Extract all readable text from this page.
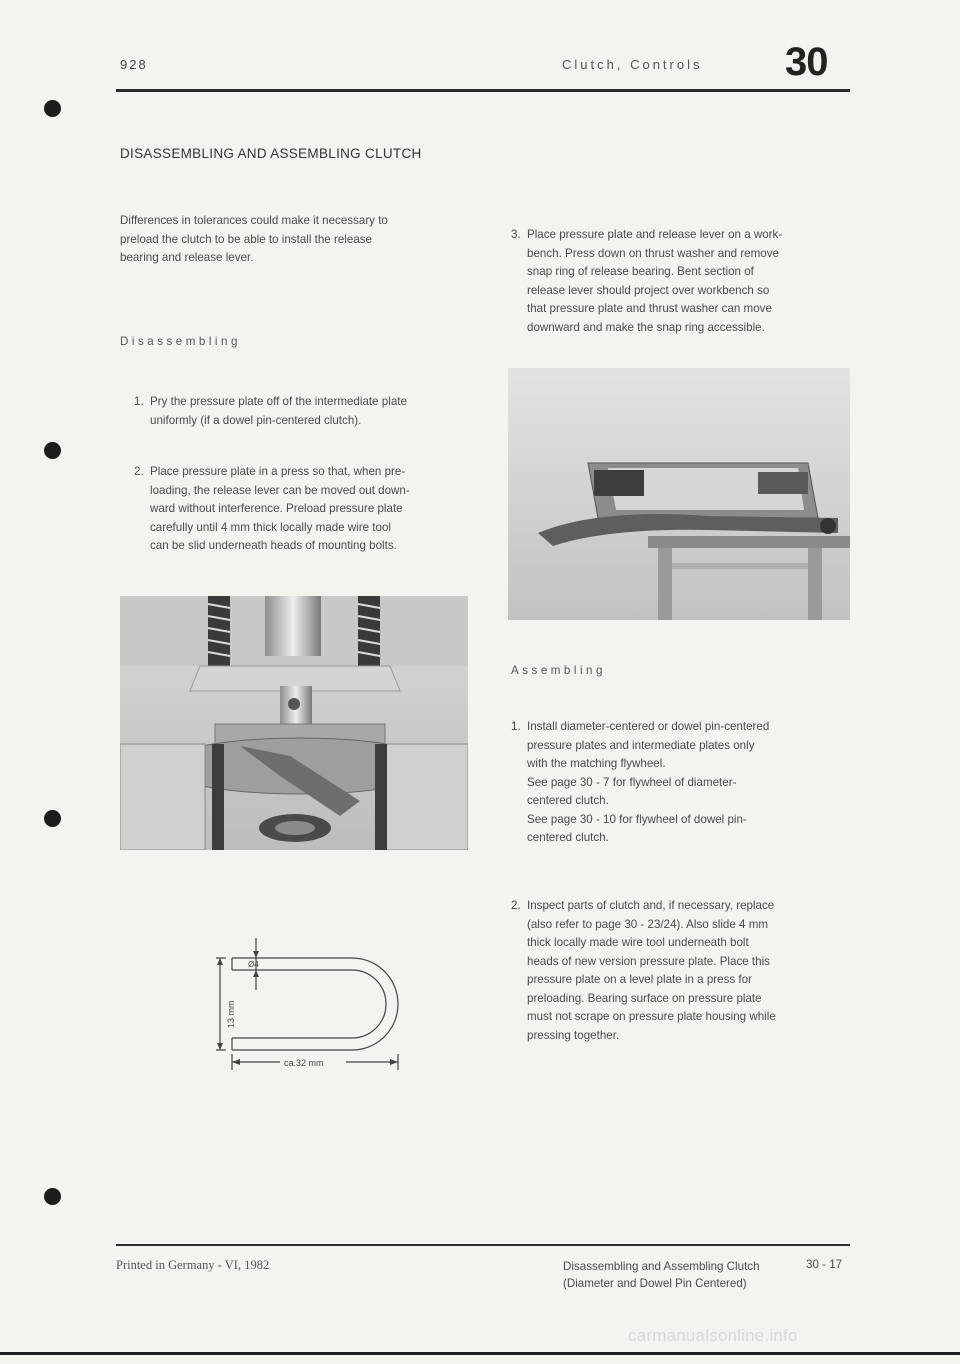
928	Clutch, Controls 30
DISASSEMBLING AND ASSEMBLING CLUTCH
Differences in tolerances could make it necessary to
preload the clutch to be able to install the release
bearing and release lever.
Disassembling
1. Pry the pressure plate off of the intermediate plate
uniformly (if a dowel pin-centered clutch).
2. Place pressure plate in a press so that, when pre-
loading, the release lever can be moved out down-
ward without interference. Preload pressure plate
carefully until 4 mm thick locally made wire tool
can be slid underneath heads of mounting bolts.
Ø4
13 mm
ca.32 mm
3. Place pressure plate and release lever on a work-
bench. Press down on thrust washer and remove
snap ring of release bearing. Bent section of
release lever should project over workbench so
that pressure plate and thrust washer can move
downward and make the snap ring accessible.
Assembling
1. Install diameter-centered or dowel pin-centered
pressure plates and intermediate plates only
with the matching flywheel.
See page 30 - 7 for flywheel of diameter-
centered clutch.
See page 30 - 10 for flywheel of dowel pin-
centered clutch.
2. Inspect parts of clutch and, if necessary, replace
(also refer to page 30 - 23/24). Also slide 4 mm
thick locally made wire tool underneath bolt
heads of new version pressure plate. Place this
pressure plate on a level plate in a press for
preloading. Bearing surface on pressure plate
must not scrape on pressure plate housing while
pressing together.
Printed in Germany - VI, 1982	Disassembling and Assembling Clutch
(Diameter and Dowel Pin Centered)
30 - 17
carmanualsonline.info
